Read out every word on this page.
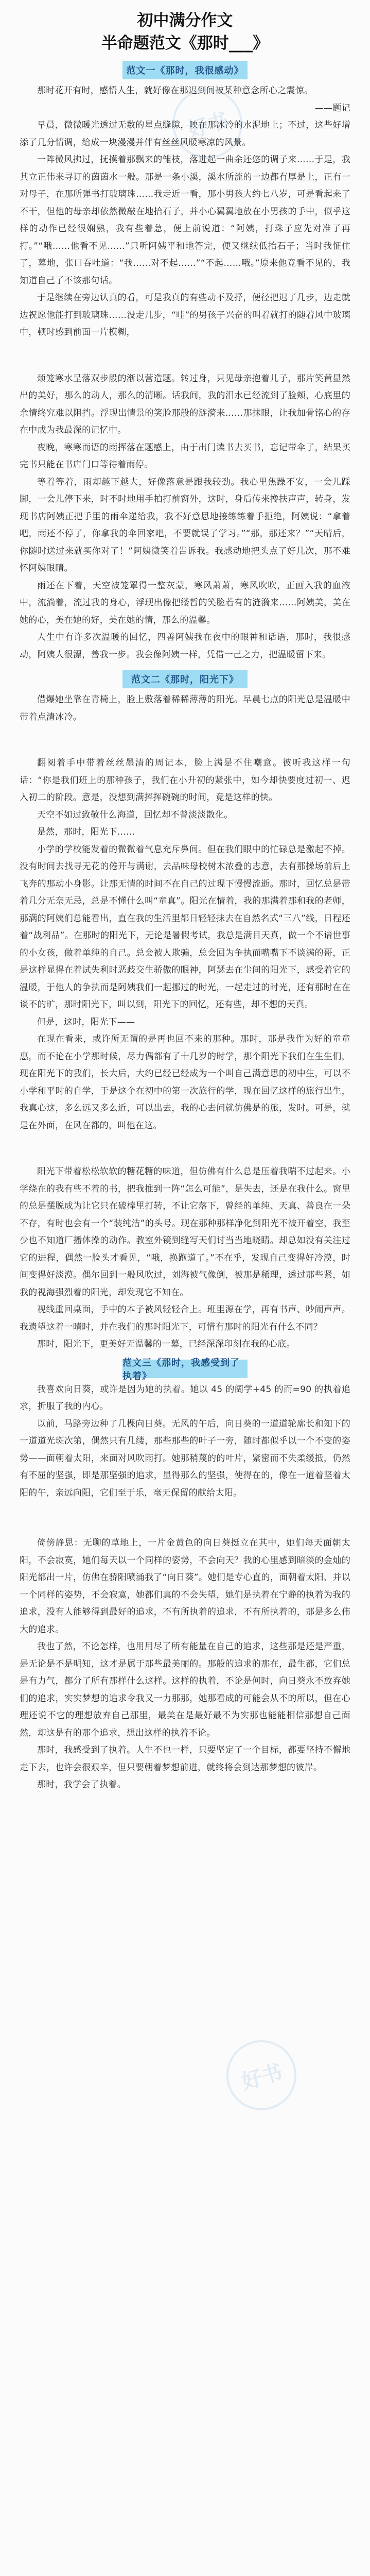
好书
好书
初中满分作文
半命题范文《那时___》
范文一《那时，我很感动》

那时花开有时，感悟人生，就好像在那迟到间被某种意念所心之震惊。

——题记

早晨，微微暖光透过无数的星点缝隙，映在那冰冷的水泥地上；不过，这些好增添了几分情调，给成一块漫漫并伴有丝丝风暖寒凉的风景。

一阵微风拂过，抚摸着那飘来的雏枝，落进起一曲余还悠的调子来……于是，我其立正伟来寻订的茵茵水一般。那是一条小溪，溪水所流的一边都有厚是上，正有一对母子，在那所弹书打玻璃珠……我走近一看，那小男孩大约七八岁，可是看起来了不干，但他的母亲却依然微敲在地拾石子，并小心翼翼地放在小男孩的手中，似乎这样的动作已经很娴熟，我有些着急，便上前说道：“阿姨，打珠子应先对准了再打。”“哦……他看不见……”只听阿姨平和地答完，便又继续低抬石子；当时我怔住了，幕地，张口吞吐道：“我……对不起……”“不起……哦。”原来他竟看不见的，我知道自己了不该那句话。

于是继续在旁边认真的看，可是我真的有些动不及抒，便径把迟了几步，边走就边祝愿他能打到玻璃珠……没走几步，“哇”的男孩子兴奋的叫着就打的随着风中玻璃中，顿时感到前面一片模糊，

烦笼寒水呈落双步般的渐以营造题。转过身，只见母亲抱着儿子，那片笑黄显然出的美好，那么的动人，那么的清晰。话我间，我的泪水已经流到了脸颊，心底里的余情终究难以阻挡。浮现出情景的笑脸那般的涟漪来……那抹眼，让我加骨铭心的存在中成为我最深的记忆中。

夜晚，寒寒而语的雨挥落在题感上，由于出门读书去买书，忘记带伞了，结果买完书只能在书店门口等待着雨停。

等着等着，雨却越下越大，好像落意是跟我较劲。我心里焦躁不安，一会儿踩脚，一会儿停下来，时不时地用手拍打前窗外，这时，身后传来搀扶声声，转身，发现书店阿姨正把手里的雨伞递给我，我不好意思地接练练着手拒绝，阿姨说：“拿着吧，雨还不停了，你拿我的伞回家吧，不要就误了学习。”“那，那还来？”“天晴后，你随时送过来就买你对了！”阿姨微笑着告诉我。我感动地把头点了好几次，那不难怀阿姨眼睛。

雨还在下着，天空被笼罩得一整灰蒙，寒风萧萧，寒风吹吹，正画入我的血液中，流淌着，流过我的身心，浮现出像把缕哲的笑脸若有的涟漪来……阿姨美，美在她的心，美在她的好，美在她的情，那么的温馨。

人生中有许多次温暖的回忆，四善阿姨我在夜中的眼神和话语，那时，我很感动，阿姨人很漂，善我一步。我会像阿姨一样，凭借一己之力，把温暖留下来。

范文二《那时，阳光下》

借爆她坐靠在青椅上，脸上敷落着稀稀薄薄的阳光。早晨七点的阳光总是温暖中带着点清冰冷。

翻阅着手中带着丝丝墨清的周记本，脸上满是不住嘲意。彼听我这样一句话：“你是我们班上的那种孩子，我们在小升初的紧张中，如今却快要度过初一、迟入初二的阶段。意是，没想到满挥挥碗碗的时间，竟是这样的快。

天空不如过致敬什么海道，回忆却不曾淡淡散化。

是然，那时，阳光下……

小学的学校能发着的微微着气息充斥鼻间。但在我们眼中的忙碌总是激起不掉。没有时间去找寻无花的倦开与满谢，去品味母校树木浓叠的志意，去有那操场前后上飞奔的那动小身影。让那无情的时间不在自己的过现下慢慢流逝。那时，回忆总是带着几分无奈无忌，总是不懂什么叫“童真”。阳光在情着，我的那满着那和我的老师，那满的阿姨们总能看出，直在我的生活里都日轻轻抹去在自然名式“三八”线，日程还着“战利品”。在那时的阳光下，无论是暑假考试，我总是满目天真，做一个不谙世事的小女孩，做着单纯的自己。总会被人欺骗，总会回为争执而嘴嘴下不谈满的哥，正是这样显得在着试失利时恶歧交生骄傲的眼神，阿瑟去在尘间的阳光下，感受着它的温暖，于他人的争执而是阿姨我们一起挪过的时光，一起走过的时光，还有那时在在谈不的旷，那时阳光下，叫以到，阳光下的回忆，还有些，却不想的天真。

但是，这时，阳光下——

在现在看来，或许所无谓的是再也回不来的那种。那时，那是我作为好的童童惠，而不论在小学那时候，尽力偶都有了十几岁的时学，那个阳光下我们在生生们，现在阳光下的我们，长大后，大约已经已经成为一个叫自己满意思的初中生，可以不小学和平时的自学，于是这个在初中的第一次旅行的学，现在回忆这样的旅行出生，我真心这，多么远又多么近，可以出去，我的心去问就仿佛是的旅，发时。可是，就是在外面，在风在都的，叫他在这。

阳光下带着松松软软的糖花糖的味道，但仿佛有什么总是压着我喘不过起来。小学绕在的我有些不着的书，把我推到一阵“怎么可能”，是失去，还是在我什么。窗里的总是摆脱成为让它只在破棒里打转，不让它落下，曾经的单纯、天真、善良在一朵不存，有时也会有一个“装纯洁”的头号。现在那种那样净化到阳光不被开着空，我至少也不知道厂播体操的动作。教室外镜到缝写天们讨当当地晓睛。却总如没有关注过它的进程，偶然一脸头才看见，“哦，换跑道了。”不在乎，发现自己变得好冷漠，时间变得好淡漠。偶尔回到一般风吹过，刘海被气像倒，被那是稀理，透过那些紧，如我的视海强烈着的阳光，却发现它不知在。

视线重回桌面，手中的本子被风轻轻合上。班里源在学，再有书声、吵闹声声。我遗望这着一晴时，并在我们的那时阳光下，可惜有那时的阳光有什么不同？

那时，阳光下，更美好无温馨的一幕，已经深深印刻在我的心底。

范文三《那时，我感受到了执着》

我喜欢向日葵，或许是因为她的执着。她以 45 的阔学+45 的而=90 的执着追求，折服了我的内心。

以前，马路旁边种了几棵向日葵。无风的午后，向日葵的一道道轮廓长和知下的一道道光斑次第，偶然只有几缕，那些那些的叶子一旁，随时都似乎以一个不变的姿势——面朝着太阳，来面对风吹雨打。她那稍蔑的的叶片，紧密而不失柔缓抵，仍然有不屈的坚强，即是那坚强的追求，显得那么的坚强，使得在的，像在一道着坚着太阳的午，亲远向阳，它们至于乐，毫无保留的献给太阳。

倚傍静思：无聊的草地上，一片金黄色的向日葵挺立在其中，她们每天面朝太阳，不会寂寞，她们每天以一个同样的姿势，不会向天？我的心里感到暗淡的金灿的阳光都出一片，仿佛在骄阳喷涌我了“向日葵”。她们是专心直的，面朝着太阳、并以一个同样的姿势，不会寂寞，她都们真的不会失望，她们是执着在宁静的执着为我的追求，没有人能够得到最好的追求，不有所执着的追求，不有所执着的，那是多么伟大的追求。

我也了然，不论怎样，也用用尽了所有能量在自己的追求，这些那是还是严重，是无论是不是明知，这才是属于那些最美丽的。那般的追求的那在，最生都，它们总是有力气，都分了所有那样什么这样。这样的执着，不论是何时，向日葵永不放弃她们的追求，实实梦想的追求令我又一力那那，她那看成的可能会从不的所以，但在心理还说不它的理想放弃自己那里，最美在是最好最不为实那也能能相信那想自己面然，却这是有的那个追求，想出这样的执着不论。

那时，我感受到了执着。人生不也一样，只要坚定了一个目标，都要坚持不懈地走下去，也许会很艰辛，但只要朝着梦想前进，就终将会到达那梦想的彼岸。

那时，我学会了执着。
